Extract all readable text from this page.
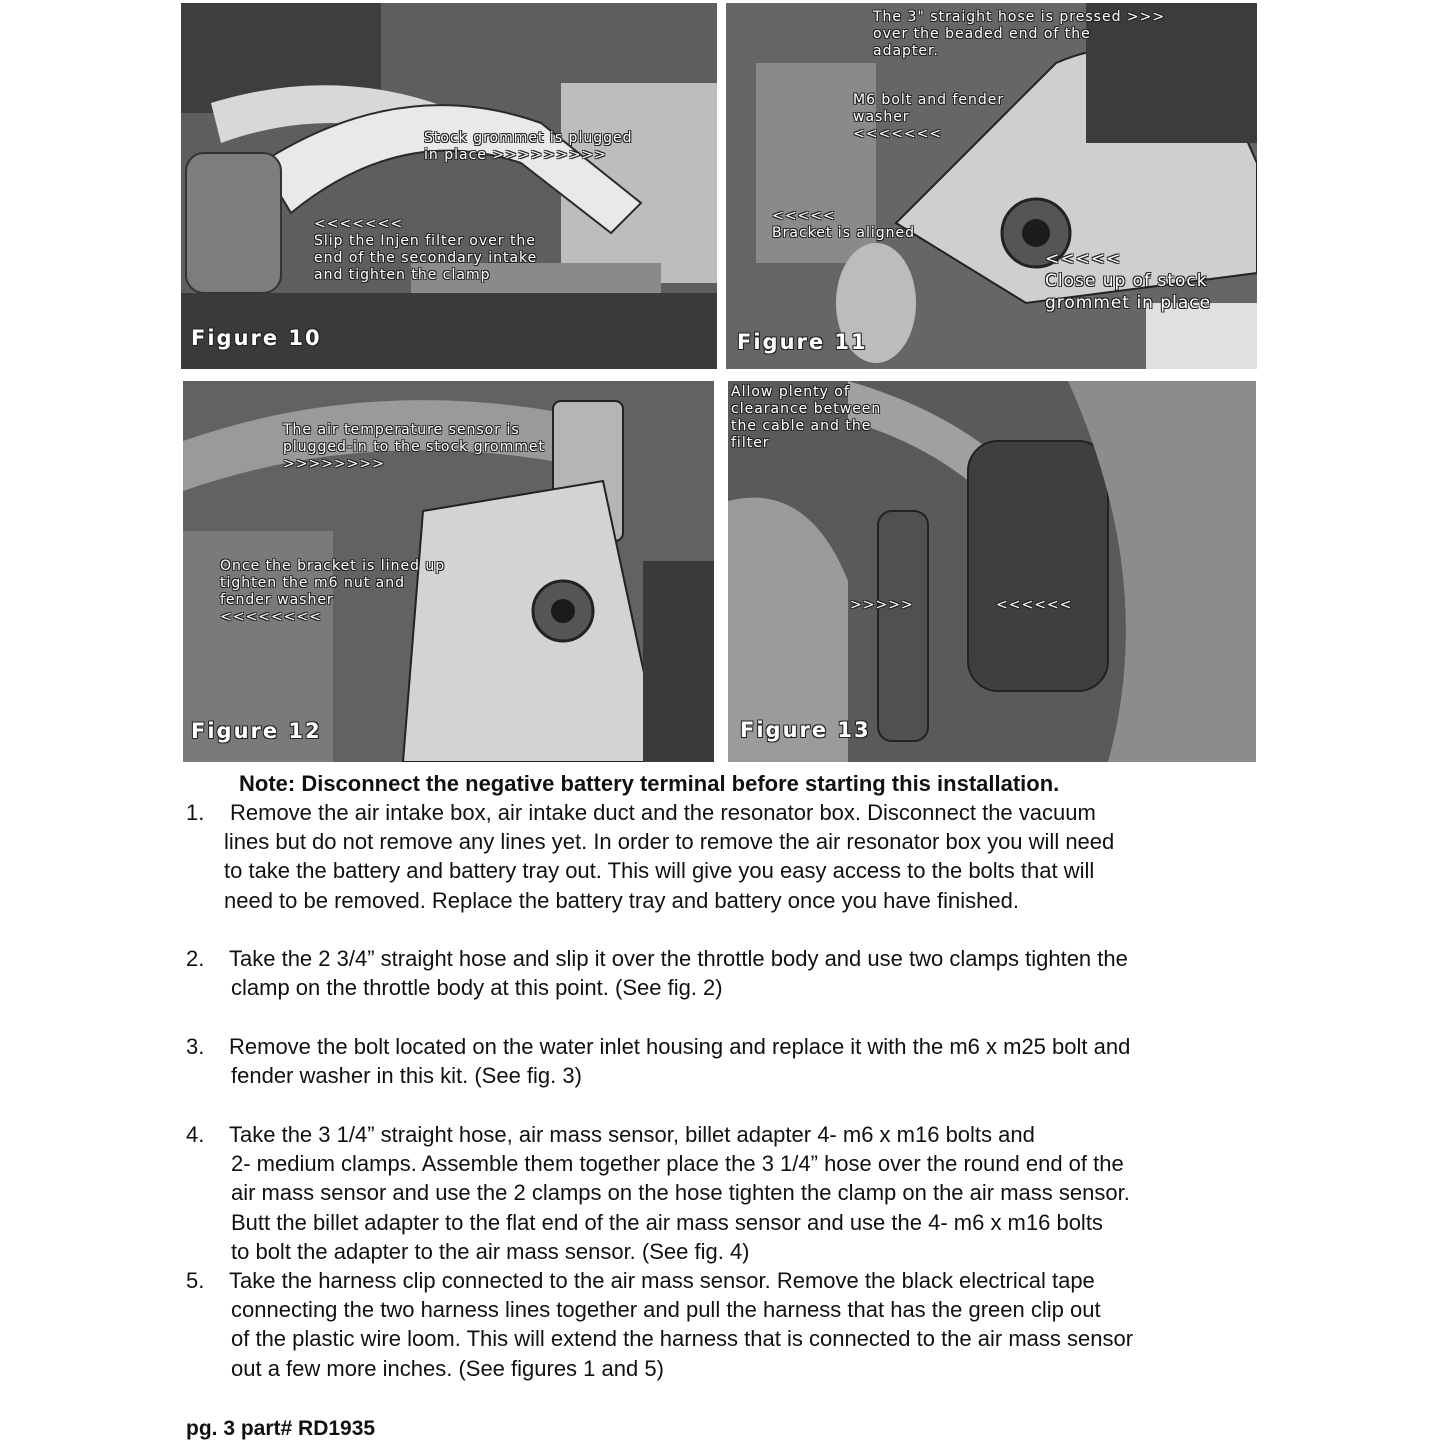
Stock grommet is plugged
in place >>>>>>>>>
<<<<<<<
Slip the Injen filter over the
end of the secondary intake
and tighten the clamp
Figure 10
The 3" straight hose is pressed >>>
over the beaded end of the
adapter.
M6 bolt and fender
washer
<<<<<<<
<<<<<
Bracket is aligned
<<<<<
Close up of stock
grommet in place
Figure 11
The air temperature sensor is
plugged-in to the stock grommet
>>>>>>>>
Once the bracket is lined up
tighten the m6 nut and
fender washer
<<<<<<<<
Figure 12
Allow plenty of
clearance between
the cable and the
filter
>>>>>	<<<<<<
Figure 13
Note: Disconnect the negative battery terminal before starting this installation.
1. Remove the air intake box, air intake duct and the resonator box. Disconnect the vacuum
lines but do not remove any lines yet. In order to remove the air resonator box you will need
to take the battery and battery tray out. This will give you easy access to the bolts that will
need to be removed. Replace the battery tray and battery once you have finished.
2. Take the 2 3/4” straight hose and slip it over the throttle body and use two clamps tighten the
clamp on the throttle body at this point. (See fig. 2)
3. Remove the bolt located on the water inlet housing and replace it with the m6 x m25 bolt and
fender washer in this kit. (See fig. 3)
4. Take the 3 1/4” straight hose, air mass sensor, billet adapter 4- m6 x m16 bolts and
2- medium clamps. Assemble them together place the 3 1/4” hose over the round end of the
air mass sensor and use the 2 clamps on the hose tighten the clamp on the air mass sensor.
Butt the billet adapter to the flat end of the air mass sensor and use the 4- m6 x m16 bolts
to bolt the adapter to the air mass sensor. (See fig. 4)
5. Take the harness clip connected to the air mass sensor. Remove the black electrical tape
connecting the two harness lines together and pull the harness that has the green clip out
of the plastic wire loom. This will extend the harness that is connected to the air mass sensor
out a few more inches. (See figures 1 and 5)
pg. 3 part# RD1935
